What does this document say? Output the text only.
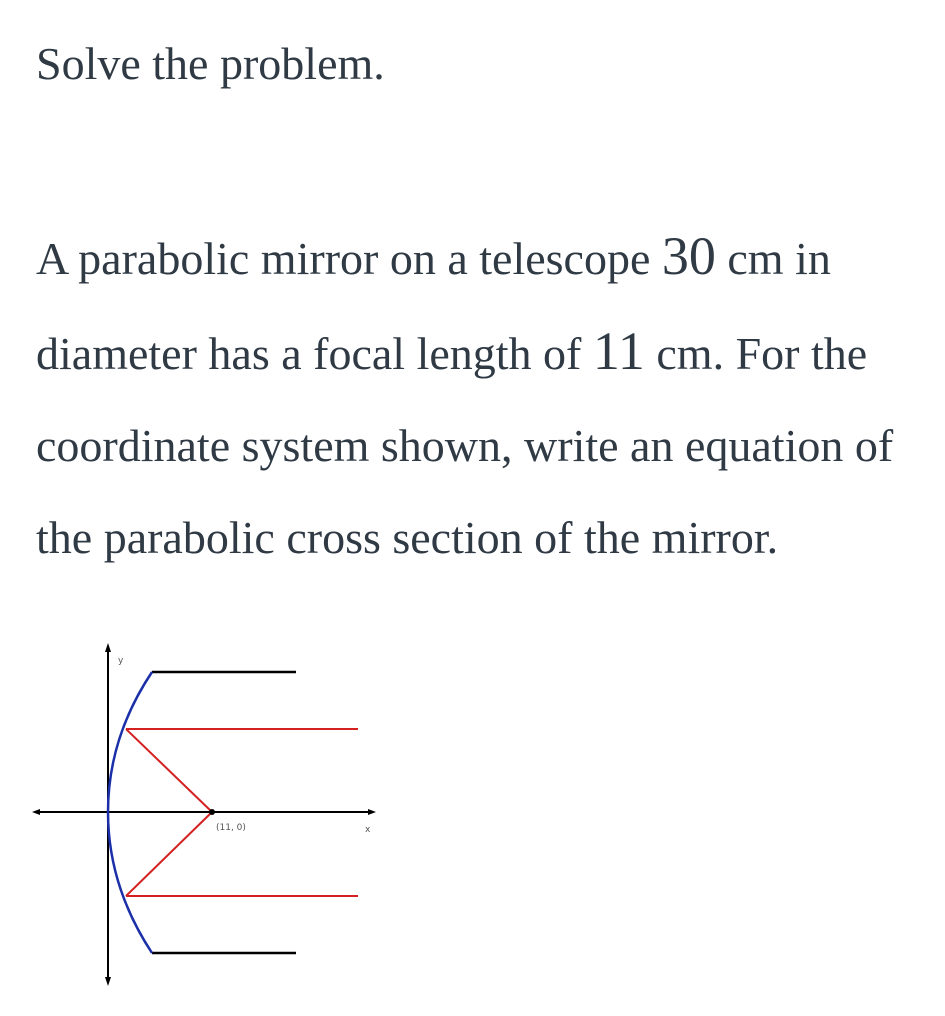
Solve the problem.

A parabolic mirror on a telescope 30 cm in diameter has a focal length of 11 cm. For the coordinate system shown, write an equation of the parabolic cross section of the mirror.

x
y
(11, 0)
